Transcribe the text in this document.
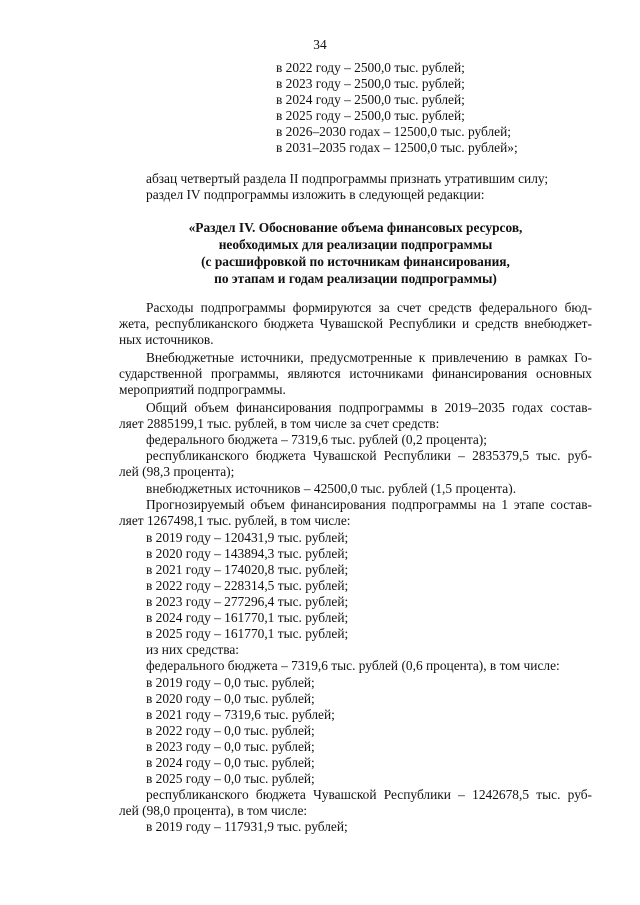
34
в 2022 году – 2500,0 тыс. рублей;
в 2023 году – 2500,0 тыс. рублей;
в 2024 году – 2500,0 тыс. рублей;
в 2025 году – 2500,0 тыс. рублей;
в 2026–2030 годах – 12500,0 тыс. рублей;
в 2031–2035 годах – 12500,0 тыс. рублей»;
абзац четвертый раздела II подпрограммы признать утратившим силу;
раздел IV подпрограммы изложить в следующей редакции:
«Раздел IV. Обоснование объема финансовых ресурсов,
необходимых для реализации подпрограммы
(с расшифровкой по источникам финансирования,
по этапам и годам реализации подпрограммы)
Расходы подпрограммы формируются за счет средств федерального бюд-
жета, республиканского бюджета Чувашской Республики и средств внебюджет-
ных источников.
Внебюджетные источники, предусмотренные к привлечению в рамках Го-
сударственной программы, являются источниками финансирования основных
мероприятий подпрограммы.
Общий объем финансирования подпрограммы в 2019–2035 годах состав-
ляет 2885199,1 тыс. рублей, в том числе за счет средств:
федерального бюджета – 7319,6 тыс. рублей (0,2 процента);
республиканского бюджета Чувашской Республики – 2835379,5 тыс. руб-
лей (98,3 процента);
внебюджетных источников – 42500,0 тыс. рублей (1,5 процента).
Прогнозируемый объем финансирования подпрограммы на 1 этапе состав-
ляет 1267498,1 тыс. рублей, в том числе:
в 2019 году – 120431,9 тыс. рублей;
в 2020 году – 143894,3 тыс. рублей;
в 2021 году – 174020,8 тыс. рублей;
в 2022 году – 228314,5 тыс. рублей;
в 2023 году – 277296,4 тыс. рублей;
в 2024 году – 161770,1 тыс. рублей;
в 2025 году – 161770,1 тыс. рублей;
из них средства:
федерального бюджета – 7319,6 тыс. рублей (0,6 процента), в том числе:
в 2019 году – 0,0 тыс. рублей;
в 2020 году – 0,0 тыс. рублей;
в 2021 году – 7319,6 тыс. рублей;
в 2022 году – 0,0 тыс. рублей;
в 2023 году – 0,0 тыс. рублей;
в 2024 году – 0,0 тыс. рублей;
в 2025 году – 0,0 тыс. рублей;
республиканского бюджета Чувашской Республики – 1242678,5 тыс. руб-
лей (98,0 процента), в том числе:
в 2019 году – 117931,9 тыс. рублей;
